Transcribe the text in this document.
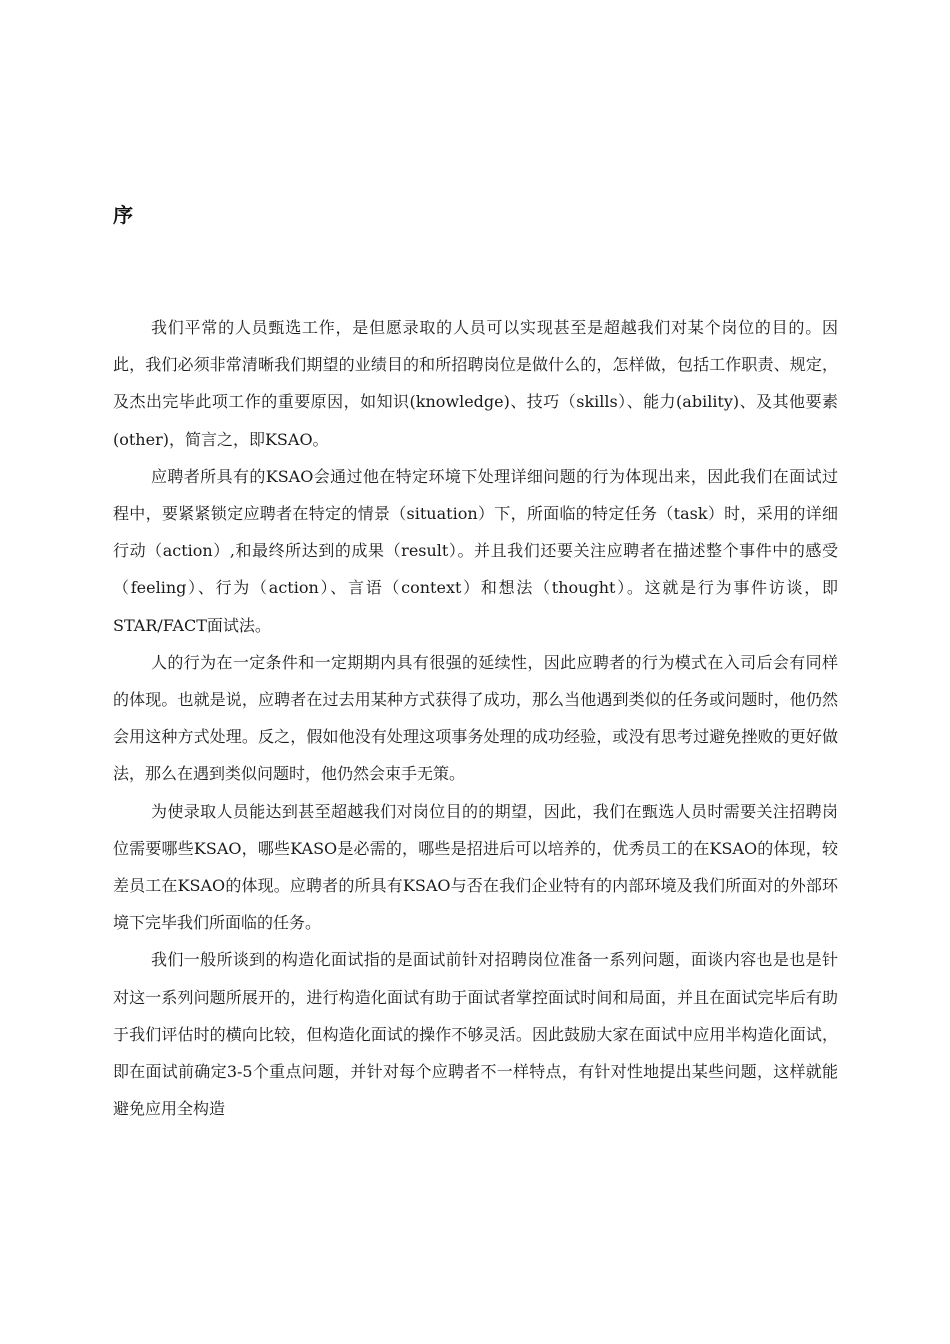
序

我们平常的人员甄选工作，是但愿录取的人员可以实现甚至是超越我们对某个岗位的目的。因此，我们必须非常清晰我们期望的业绩目的和所招聘岗位是做什么的，怎样做，包括工作职责、规定，及杰出完毕此项工作的重要原因，如知识(knowledge)、技巧（skills）、能力(ability)、及其他要素(other)，简言之，即KSAO。

应聘者所具有的KSAO会通过他在特定环境下处理详细问题的行为体现出来，因此我们在面试过程中，要紧紧锁定应聘者在特定的情景（situation）下，所面临的特定任务（task）时，采用的详细行动（action）,和最终所达到的成果（result）。并且我们还要关注应聘者在描述整个事件中的感受（feeling）、行为（action）、言语（context）和想法（thought）。这就是行为事件访谈，即STAR/FACT面试法。

人的行为在一定条件和一定期期内具有很强的延续性，因此应聘者的行为模式在入司后会有同样的体现。也就是说，应聘者在过去用某种方式获得了成功，那么当他遇到类似的任务或问题时，他仍然会用这种方式处理。反之，假如他没有处理这项事务处理的成功经验，或没有思考过避免挫败的更好做法，那么在遇到类似问题时，他仍然会束手无策。

为使录取人员能达到甚至超越我们对岗位目的的期望，因此，我们在甄选人员时需要关注招聘岗位需要哪些KSAO，哪些KASO是必需的，哪些是招进后可以培养的，优秀员工的在KSAO的体现，较差员工在KSAO的体现。应聘者的所具有KSAO与否在我们企业特有的内部环境及我们所面对的外部环境下完毕我们所面临的任务。

我们一般所谈到的构造化面试指的是面试前针对招聘岗位准备一系列问题，面谈内容也是也是针对这一系列问题所展开的，进行构造化面试有助于面试者掌控面试时间和局面，并且在面试完毕后有助于我们评估时的横向比较，但构造化面试的操作不够灵活。因此鼓励大家在面试中应用半构造化面试，即在面试前确定3-5个重点问题，并针对每个应聘者不一样特点，有针对性地提出某些问题，这样就能避免应用全构造
